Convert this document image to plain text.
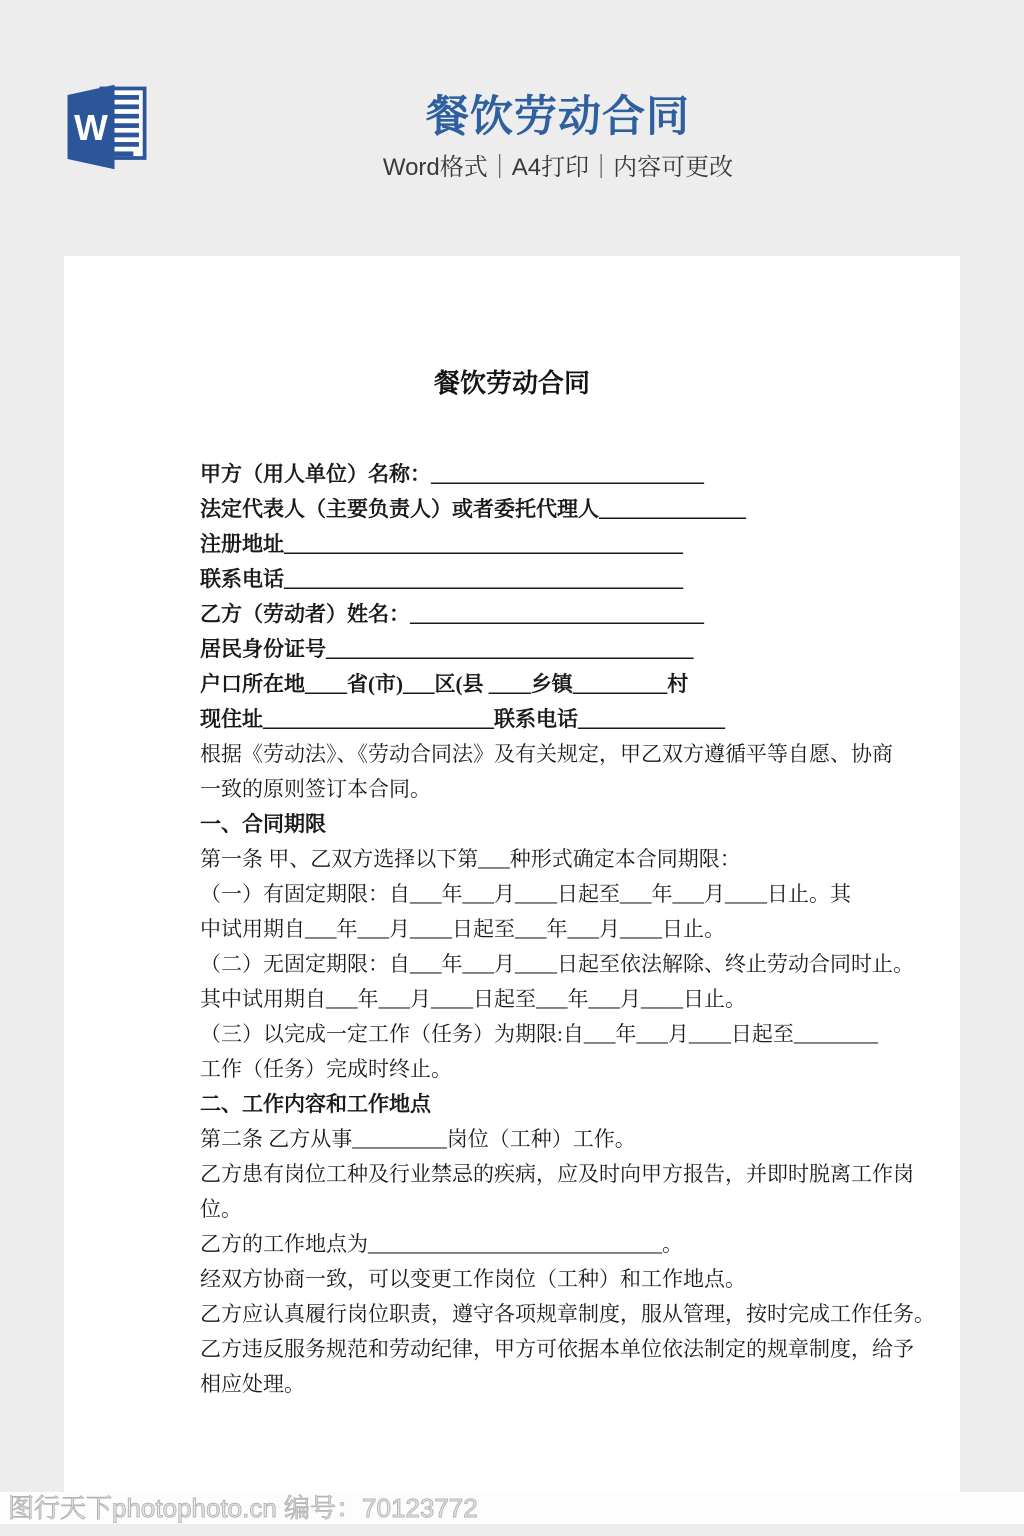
W	餐饮劳动合同
Word格式｜A4打印｜内容可更改
餐饮劳动合同
甲方（用人单位）名称：__________________________
法定代表人（主要负责人）或者委托代理人______________
注册地址______________________________________
联系电话______________________________________
乙方（劳动者）姓名：____________________________
居民身份证号___________________________________
户口所在地____省(市)___区(县 ____乡镇_________村
现住址______________________联系电话______________
根据《劳动法》、《劳动合同法》及有关规定，甲乙双方遵循平等自愿、协商
一致的原则签订本合同。
一、合同期限
第一条 甲、乙双方选择以下第___种形式确定本合同期限：
（一）有固定期限：自___年___月____日起至___年___月____日止。其
中试用期自___年___月____日起至___年___月____日止。
（二）无固定期限：自___年___月____日起至依法解除、终止劳动合同时止。
其中试用期自___年___月____日起至___年___月____日止。
（三）以完成一定工作（任务）为期限:自___年___月____日起至________
工作（任务）完成时终止。
二、工作内容和工作地点
第二条 乙方从事_________岗位（工种）工作。
乙方患有岗位工种及行业禁忌的疾病，应及时向甲方报告，并即时脱离工作岗
位。
乙方的工作地点为____________________________。
经双方协商一致，可以变更工作岗位（工种）和工作地点。
乙方应认真履行岗位职责，遵守各项规章制度，服从管理，按时完成工作任务。
乙方违反服务规范和劳动纪律，甲方可依据本单位依法制定的规章制度，给予
相应处理。
图行天下photophoto.cn 编号：70123772
